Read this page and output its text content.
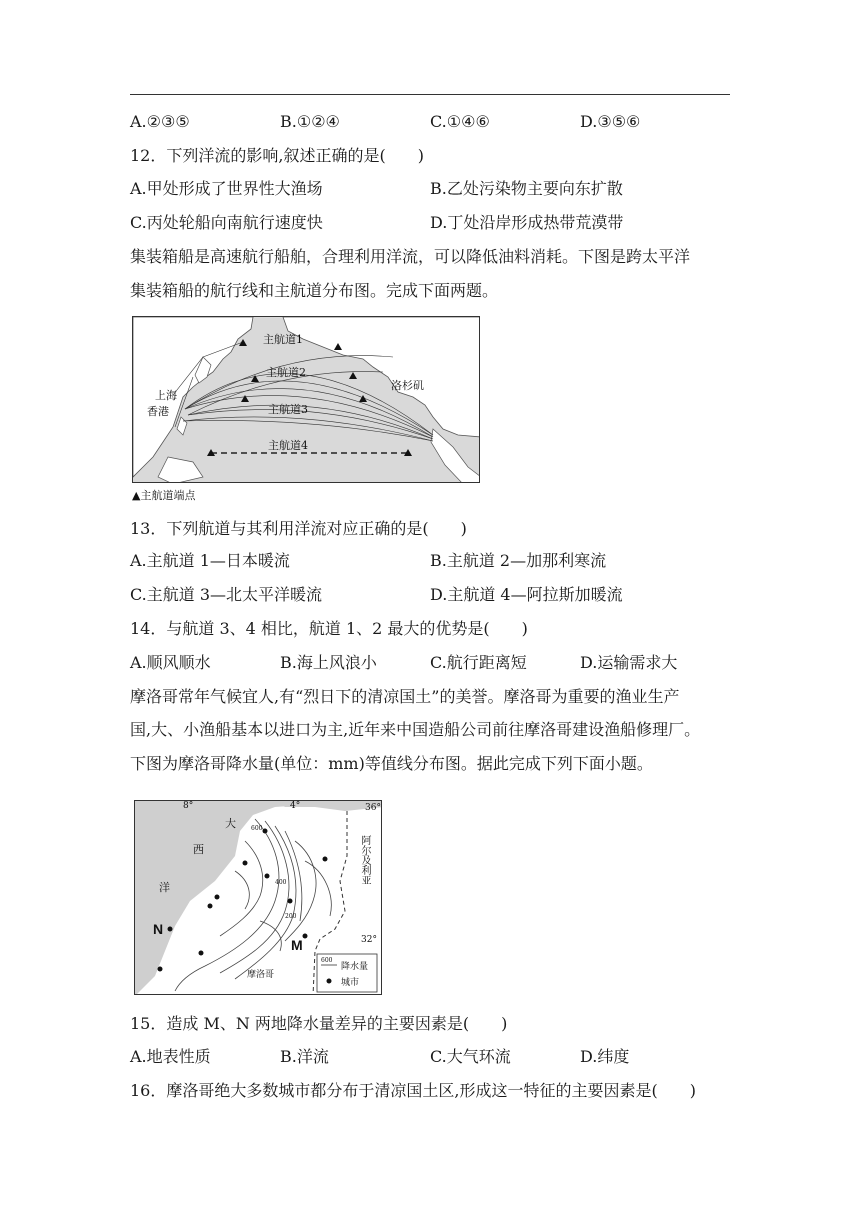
A.②③⑤	B.①②④	C.①④⑥	D.③⑤⑥
12．下列洋流的影响,叙述正确的是(　　)
A.甲处形成了世界性大渔场	B.乙处污染物主要向东扩散
C.丙处轮船向南航行速度快	D.丁处沿岸形成热带荒漠带
集装箱船是高速航行船舶，合理利用洋流，可以降低油料消耗。下图是跨太平洋
集装箱船的航行线和主航道分布图。完成下面两题。
主航道1
主航道2
主航道3
主航道4
上海
香港
洛杉矶
▲主航道端点
13．下列航道与其利用洋流对应正确的是(　　)
A.主航道 1—日本暖流	B.主航道 2—加那利寒流
C.主航道 3—北太平洋暖流	D.主航道 4—阿拉斯加暖流
14．与航道 3、4 相比，航道 1、2 最大的优势是(　　)
A.顺风顺水	B.海上风浪小	C.航行距离短	D.运输需求大
摩洛哥常年气候宜人,有“烈日下的清凉国土”的美誉。摩洛哥为重要的渔业生产
国,大、小渔船基本以进口为主,近年来中国造船公司前往摩洛哥建设渔船修理厂。
下图为摩洛哥降水量(单位：mm)等值线分布图。据此完成下列下面小题。
8°	4°	36°
32°
大
西
洋
阿尔及利亚
摩洛哥
N
M
600
400
200
600
降水量
城市
15．造成 M、N 两地降水量差异的主要因素是(　　)
A.地表性质	B.洋流	C.大气环流	D.纬度
16．摩洛哥绝大多数城市都分布于清凉国土区,形成这一特征的主要因素是(　　)
